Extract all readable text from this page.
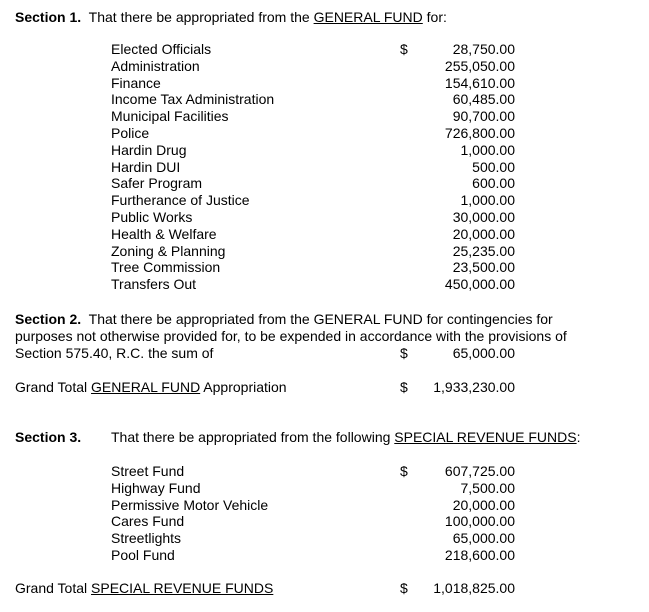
Section 1. That there be appropriated from the GENERAL FUND for:
Elected Officials	$	28,750.00
Administration	255,050.00
Finance	154,610.00
Income Tax Administration	60,485.00
Municipal Facilities	90,700.00
Police	726,800.00
Hardin Drug	1,000.00
Hardin DUI	500.00
Safer Program	600.00
Furtherance of Justice	1,000.00
Public Works	30,000.00
Health & Welfare	20,000.00
Zoning & Planning	25,235.00
Tree Commission	23,500.00
Transfers Out	450,000.00
Section 2. That there be appropriated from the GENERAL FUND for contingencies for
purposes not otherwise provided for, to be expended in accordance with the provisions of
Section 575.40, R.C. the sum of	$	65,000.00
Grand Total GENERAL FUND Appropriation	$ 1,933,230.00
Section 3. That there be appropriated from the following SPECIAL REVENUE FUNDS:
Street Fund	$	607,725.00
Highway Fund	7,500.00
Permissive Motor Vehicle	20,000.00
Cares Fund	100,000.00
Streetlights	65,000.00
Pool Fund	218,600.00
Grand Total SPECIAL REVENUE FUNDS	$ 1,018,825.00
